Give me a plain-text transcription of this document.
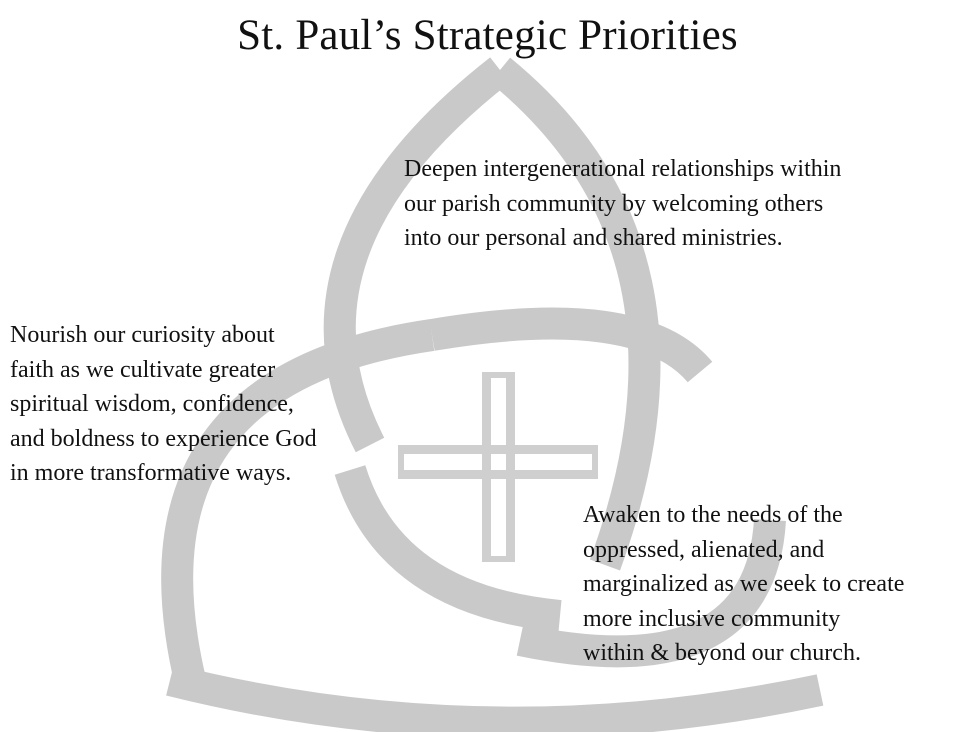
St. Paul’s Strategic Priorities

Deepen intergenerational relationships within
our parish community by welcoming others
into our personal and shared ministries.

Nourish our curiosity about
faith as we cultivate greater
spiritual wisdom, confidence,
and boldness to experience God
in more transformative ways.

Awaken to the needs of the
oppressed, alienated, and
marginalized as we seek to create
more inclusive community
within & beyond our church.
